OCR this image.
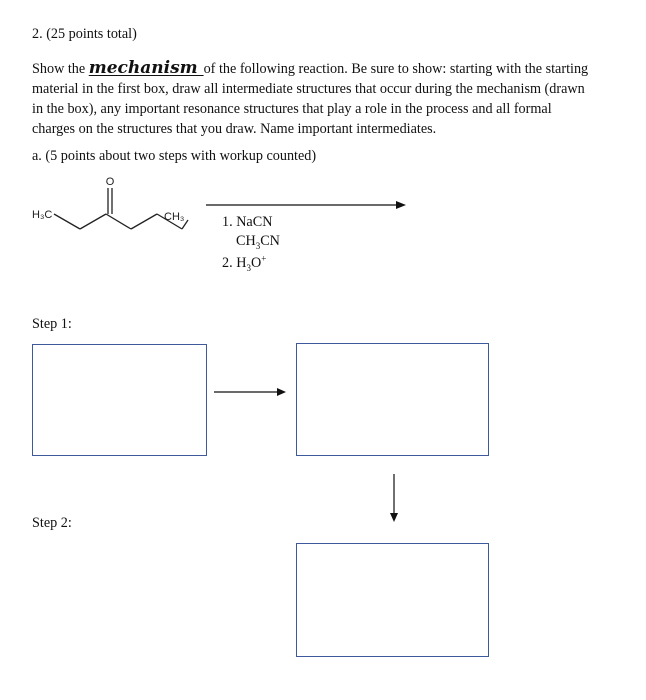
2. (25 points total)
Show the mechanism of the following reaction. Be sure to show: starting with the starting
material in the first box, draw all intermediate structures that occur during the mechanism (drawn
in the box), any important resonance structures that play a role in the process and all formal
charges on the structures that you draw. Name important intermediates.
a. (5 points about two steps with workup counted)
O
H₃C	CH₃	1. NaCN
$CH_3CN$
2. $H_3O^+$
Step 1:
Step 2:
